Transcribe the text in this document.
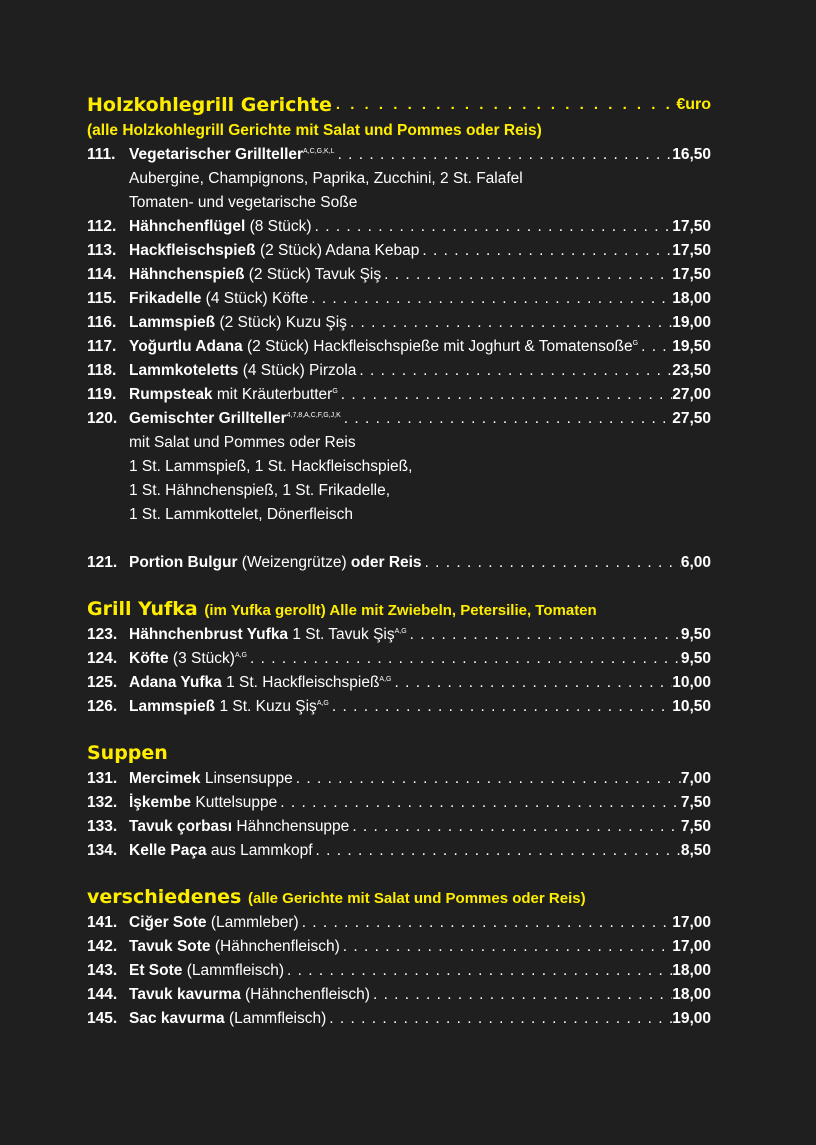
Holzkohlegrill Gerichte . . .	€uro
(alle Holzkohlegrill Gerichte mit Salat und Pommes oder Reis)
111. Vegetarischer Grillteller$^{A,C,G,K,L}$ . . .	16,50
Aubergine, Champignons, Paprika, Zucchini, 2 St. Falafel
Tomaten- und vegetarische Soße
112. Hähnchenflügel (8 Stück) . . .	17,50
113. Hackfleischspieß (2 Stück) Adana Kebap . . .	17,50
114. Hähnchenspieß (2 Stück) Tavuk Şiş . . .	17,50
115. Frikadelle (4 Stück) Köfte . . .	18,00
116. Lammspieß (2 Stück) Kuzu Şiş . . .	19,00
117. Yoğurtlu Adana (2 Stück) Hackfleischspieße mit Joghurt & Tomatensoße$^G$ . . . 19,50
118. Lammkoteletts (4 Stück) Pirzola . . .	23,50
119. Rumpsteak mit Kräuterbutter$^G$ . . .	27,00
120. Gemischter Grillteller$^{4,7,8,A,C,F,G,J,K}$ . . .	27,50
mit Salat und Pommes oder Reis
1 St. Lammspieß, 1 St. Hackfleischspieß,
1 St. Hähnchenspieß, 1 St. Frikadelle,
1 St. Lammkottelet, Dönerfleisch
121. Portion Bulgur (Weizengrütze) oder Reis . . .	6,00
Grill Yufka (im Yufka gerollt) Alle mit Zwiebeln, Petersilie, Tomaten
123. Hähnchenbrust Yufka 1 St. Tavuk Şiş$^{A,G}$ . . .	9,50
124. Köfte (3 Stück)$^{A,G}$ . . .	9,50
125. Adana Yufka 1 St. Hackfleischspieß$^{A,G}$ . . .	10,00
126. Lammspieß 1 St. Kuzu Şiş$^{A,G}$ . . .	10,50
Suppen
131. Mercimek Linsensuppe . . .	7,00
132. İşkembe Kuttelsuppe . . .	7,50
133. Tavuk çorbası Hähnchensuppe . . .	7,50
134. Kelle Paça aus Lammkopf . . .	8,50
verschiedenes (alle Gerichte mit Salat und Pommes oder Reis)
141. Ciğer Sote (Lammleber) . . .	17,00
142. Tavuk Sote (Hähnchenfleisch) . . .	17,00
143. Et Sote (Lammfleisch) . . .	18,00
144. Tavuk kavurma (Hähnchenfleisch) . . .	18,00
145. Sac kavurma (Lammfleisch) . . .	19,00
